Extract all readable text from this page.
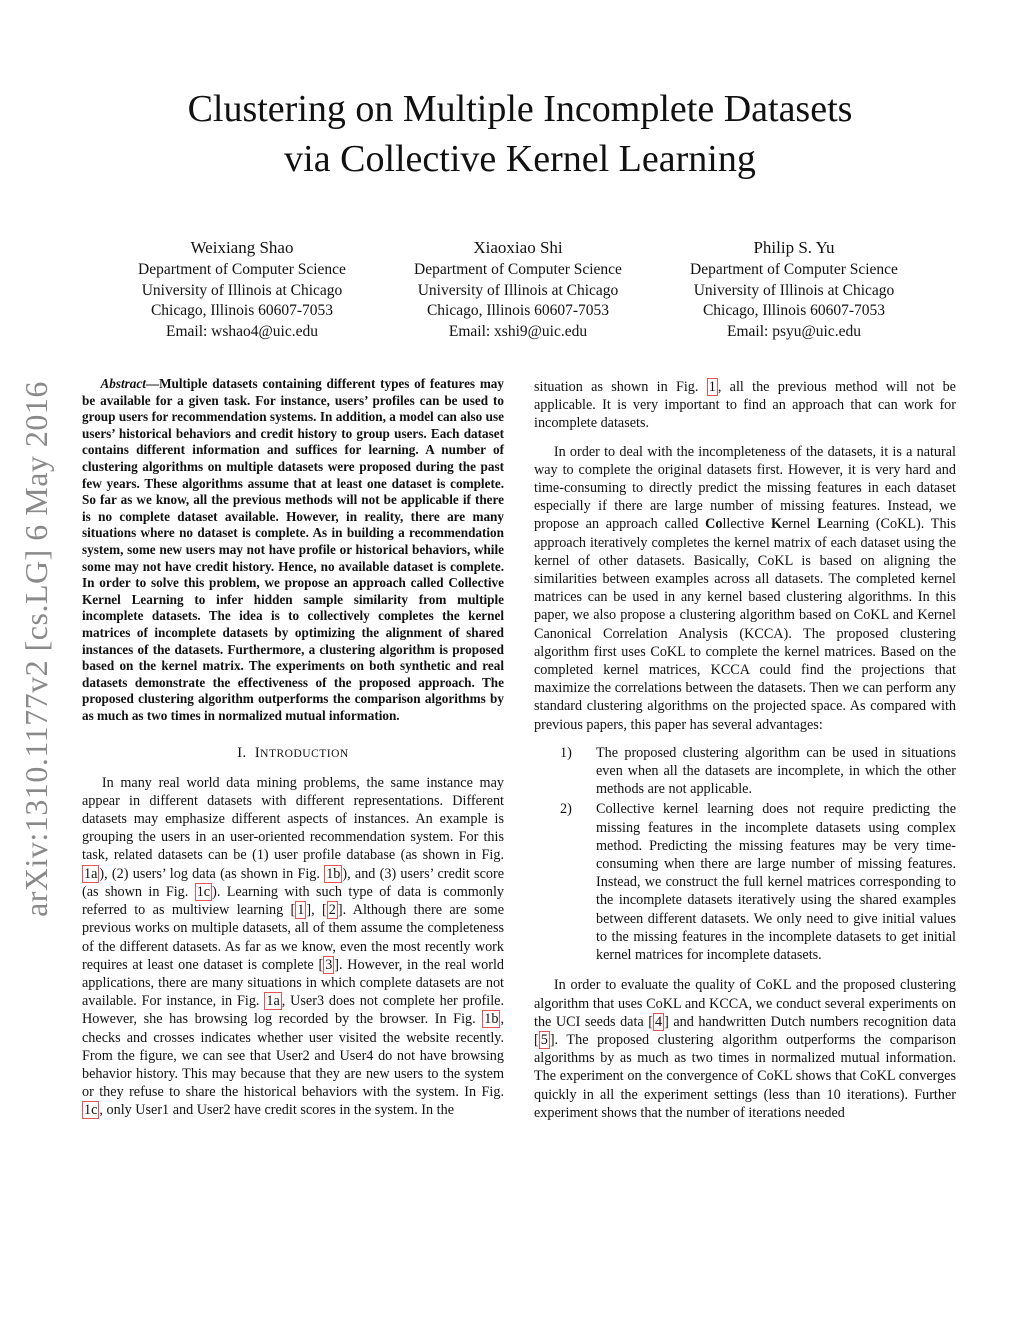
arXiv:1310.1177v2 [cs.LG] 6 May 2016
Clustering on Multiple Incomplete Datasets
via Collective Kernel Learning
Weixiang Shao
Department of Computer Science
University of Illinois at Chicago
Chicago, Illinois 60607-7053
Email: wshao4@uic.edu
Xiaoxiao Shi
Department of Computer Science
University of Illinois at Chicago
Chicago, Illinois 60607-7053
Email: xshi9@uic.edu
Philip S. Yu
Department of Computer Science
University of Illinois at Chicago
Chicago, Illinois 60607-7053
Email: psyu@uic.edu

Abstract—Multiple datasets containing different types of features may be available for a given task. For instance, users’ profiles can be used to group users for recommendation systems. In addition, a model can also use users’ historical behaviors and credit history to group users. Each dataset contains different information and suffices for learning. A number of clustering algorithms on multiple datasets were proposed during the past few years. These algorithms assume that at least one dataset is complete. So far as we know, all the previous methods will not be applicable if there is no complete dataset available. However, in reality, there are many situations where no dataset is complete. As in building a recommendation system, some new users may not have profile or historical behaviors, while some may not have credit history. Hence, no available dataset is complete. In order to solve this problem, we propose an approach called Collective Kernel Learning to infer hidden sample similarity from multiple incomplete datasets. The idea is to collectively completes the kernel matrices of incomplete datasets by optimizing the alignment of shared instances of the datasets. Furthermore, a clustering algorithm is proposed based on the kernel matrix. The experiments on both synthetic and real datasets demonstrate the effectiveness of the proposed approach. The proposed clustering algorithm outperforms the comparison algorithms by as much as two times in normalized mutual information.

I. INTRODUCTION

In many real world data mining problems, the same instance may appear in different datasets with different representations. Different datasets may emphasize different aspects of instances. An example is grouping the users in an user-oriented recommendation system. For this task, related datasets can be (1) user profile database (as shown in Fig. 1a ), (2) users’ log data (as shown in Fig. 1b ), and (3) users’ credit score (as shown in Fig. 1c ). Learning with such type of data is commonly referred to as multiview learning [ 1 ], [ 2 ]. Although there are some previous works on multiple datasets, all of them assume the completeness of the different datasets. As far as we know, even the most recently work requires at least one dataset is complete [ 3 ]. However, in the real world applications, there are many situations in which complete datasets are not available. For instance, in Fig. 1a , User3 does not complete her profile. However, she has browsing log recorded by the browser. In Fig. 1b , checks and crosses indicates whether user visited the website recently. From the figure, we can see that User2 and User4 do not have browsing behavior history. This may because that they are new users to the system or they refuse to share the historical behaviors with the system. In Fig. 1c , only User1 and User2 have credit scores in the system. In the

situation as shown in Fig. 1 , all the previous method will not be applicable. It is very important to find an approach that can work for incomplete datasets.

In order to deal with the incompleteness of the datasets, it is a natural way to complete the original datasets first. However, it is very hard and time-consuming to directly predict the missing features in each dataset especially if there are large number of missing features. Instead, we propose an approach called Collective Kernel Learning (CoKL). This approach iteratively completes the kernel matrix of each dataset using the kernel of other datasets. Basically, CoKL is based on aligning the similarities between examples across all datasets. The completed kernel matrices can be used in any kernel based clustering algorithms. In this paper, we also propose a clustering algorithm based on CoKL and Kernel Canonical Correlation Analysis (KCCA). The proposed clustering algorithm first uses CoKL to complete the kernel matrices. Based on the completed kernel matrices, KCCA could find the projections that maximize the correlations between the datasets. Then we can perform any standard clustering algorithms on the projected space. As compared with previous papers, this paper has several advantages:

1) The proposed clustering algorithm can be used in situations even when all the datasets are incomplete, in which the other methods are not applicable.
2) Collective kernel learning does not require predicting the missing features in the incomplete datasets using complex method. Predicting the missing features may be very time-consuming when there are large number of missing features. Instead, we construct the full kernel matrices corresponding to the incomplete datasets iteratively using the shared examples between different datasets. We only need to give initial values to the missing features in the incomplete datasets to get initial kernel matrices for incomplete datasets.

In order to evaluate the quality of CoKL and the proposed clustering algorithm that uses CoKL and KCCA, we conduct several experiments on the UCI seeds data [ 4 ] and handwritten Dutch numbers recognition data [ 5 ]. The proposed clustering algorithm outperforms the comparison algorithms by as much as two times in normalized mutual information. The experiment on the convergence of CoKL shows that CoKL converges quickly in all the experiment settings (less than 10 iterations). Further experiment shows that the number of iterations needed
